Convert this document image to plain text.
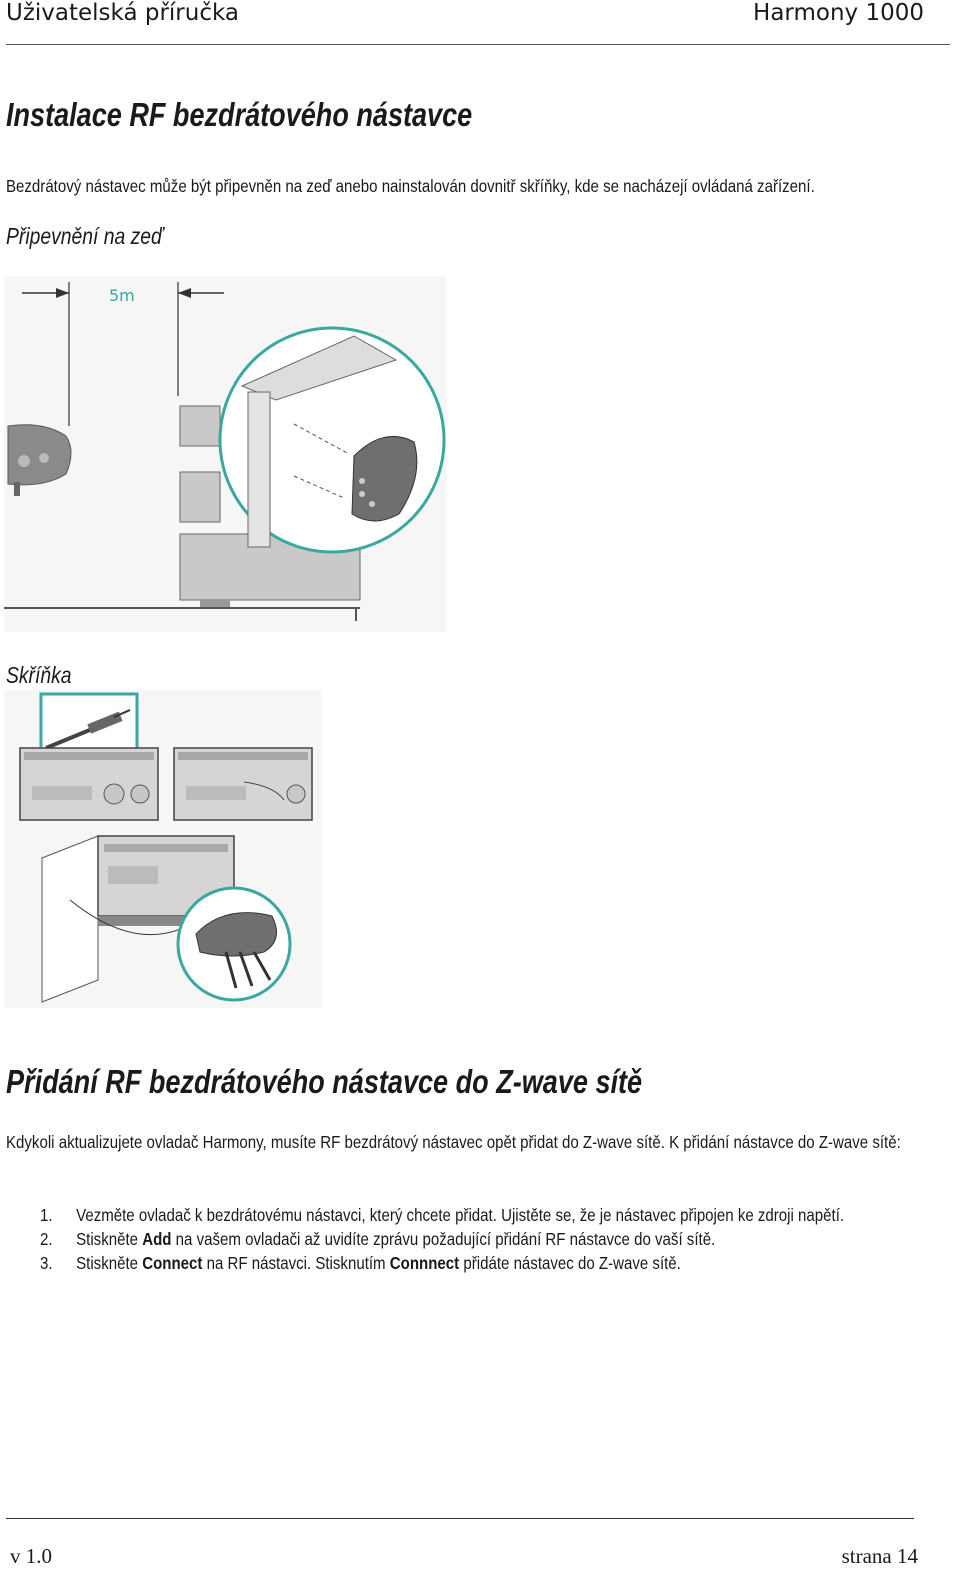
Uživatelská příručka	Harmony 1000
Instalace RF bezdrátového nástavce
Bezdrátový nástavec může být připevněn na zeď anebo nainstalován dovnitř skříňky, kde se nacházejí ovládaná zařízení.
Připevnění na zeď
5m
Skříňka
Přidání RF bezdrátového nástavce do Z-wave sítě
Kdykoli aktualizujete ovladač Harmony, musíte RF bezdrátový nástavec opět přidat do Z-wave sítě. K přidání nástavce do Z-wave sítě:
1. Vezměte ovladač k bezdrátovému nástavci, který chcete přidat. Ujistěte se, že je nástavec připojen ke zdroji napětí.
2. Stiskněte Add na vašem ovladači až uvidíte zprávu požadující přidání RF nástavce do vaší sítě.
3. Stiskněte Connect na RF nástavci. Stisknutím Connnect přidáte nástavec do Z-wave sítě.
v 1.0	strana 14
